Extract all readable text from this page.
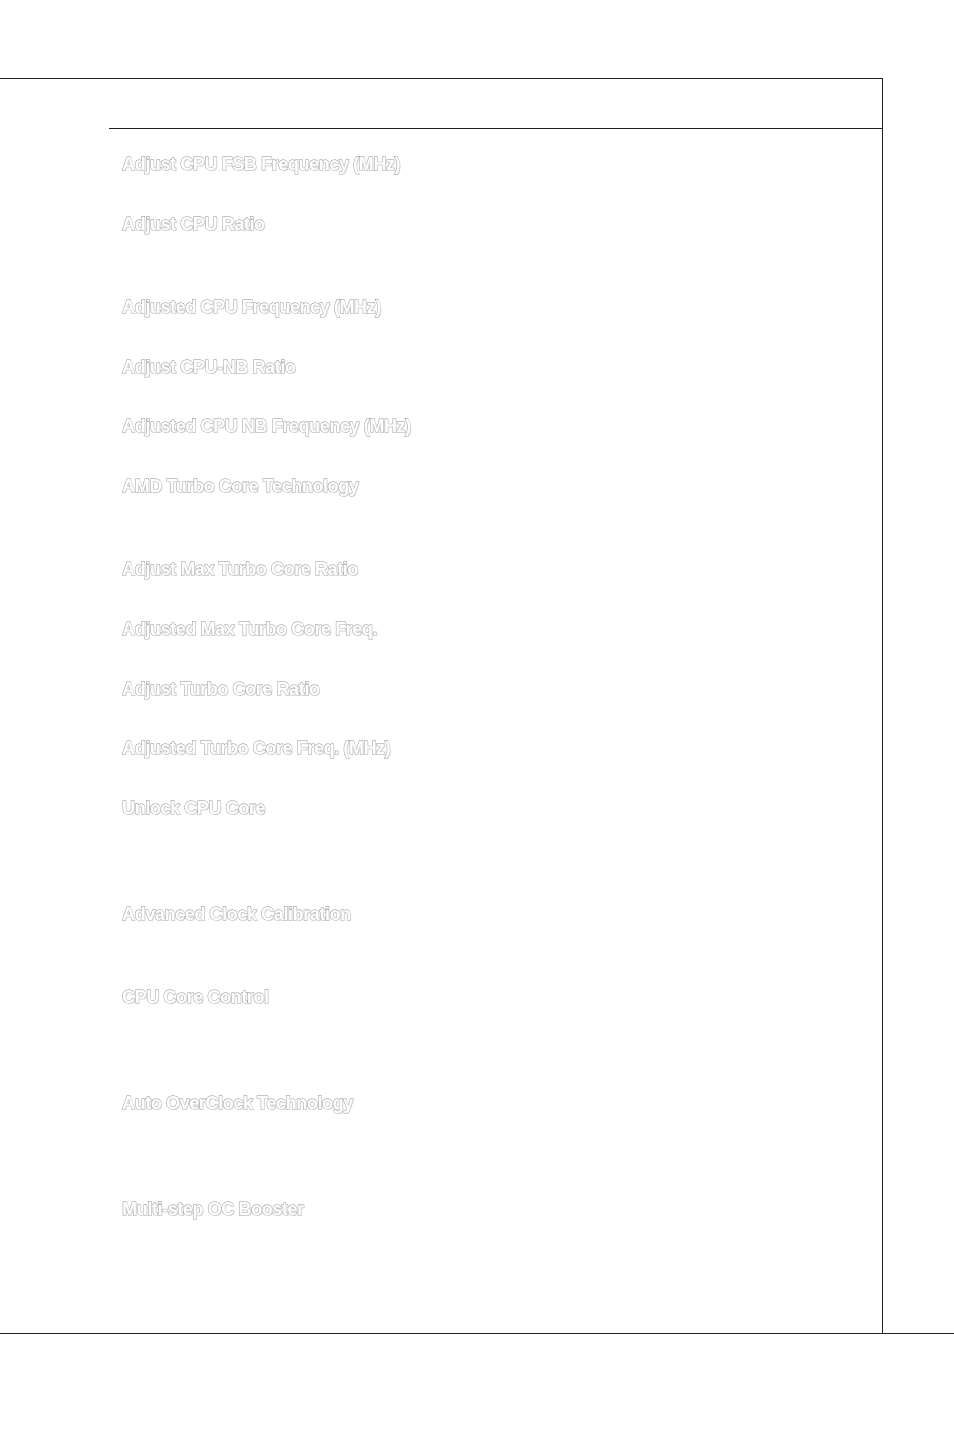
Adjust CPU FSB Frequency (MHz)

Adjust CPU Ratio

Adjusted CPU Frequency (MHz)

Adjust CPU-NB Ratio

Adjusted CPU NB Frequency (MHz)

AMD Turbo Core Technology

Adjust Max Turbo Core Ratio

Adjusted Max Turbo Core Freq.

Adjust Turbo Core Ratio

Adjusted Turbo Core Freq. (MHz)

Unlock CPU Core

Advanced Clock Calibration

CPU Core Control

Auto OverClock Technology

Multi-step OC Booster
